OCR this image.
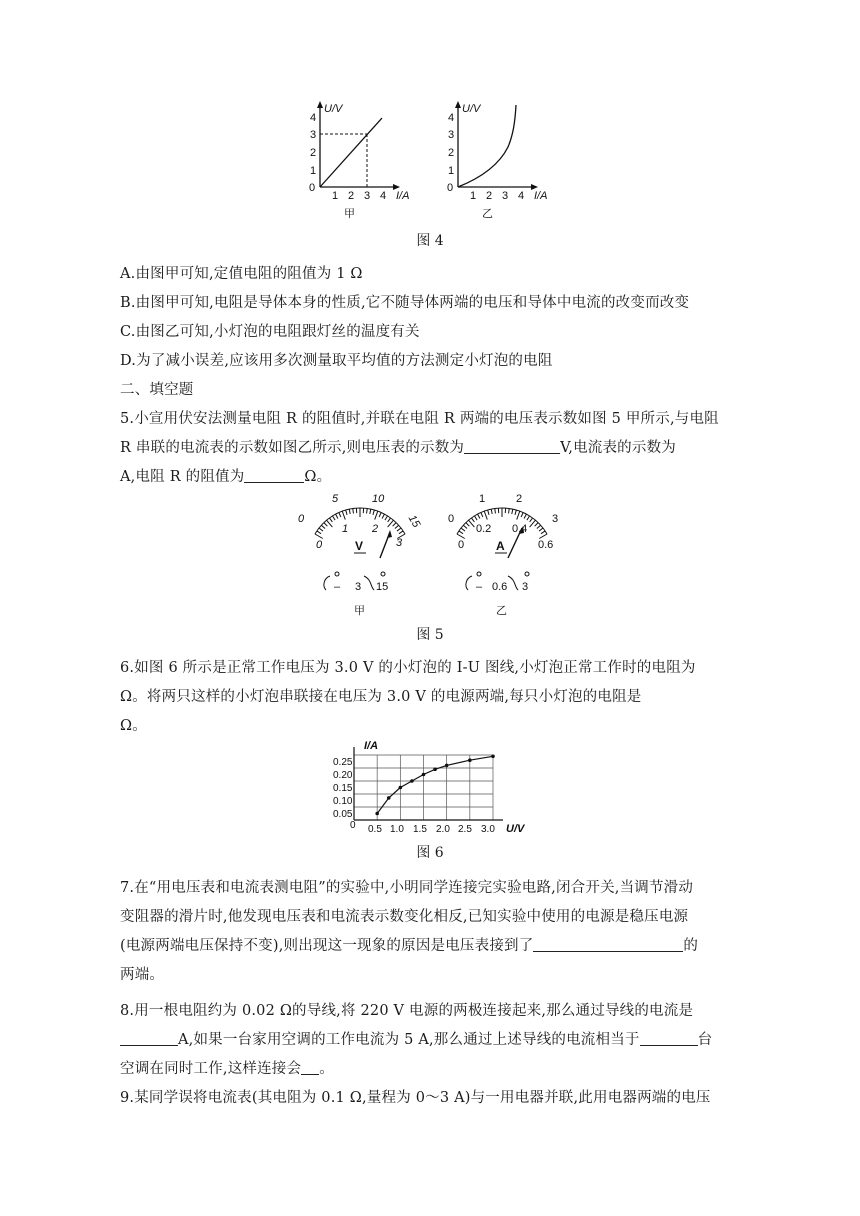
U/V
I/A
0
1
2
3
4
1 2 3 4
甲
U/V
I/A
0
1
2
3
4
1 2 3 4
乙
图 4
A.由图甲可知,定值电阻的阻值为 1 Ω
B.由图甲可知,电阻是导体本身的性质,它不随导体两端的电压和导体中电流的改变而改变
C.由图乙可知,小灯泡的电阻跟灯丝的温度有关
D.为了减小误差,应该用多次测量取平均值的方法测定小灯泡的电阻
二、填空题
5.小宣用伏安法测量电阻 R 的阻值时,并联在电阻 R 两端的电压表示数如图 5 甲所示,与电阻
R 串联的电流表的示数如图乙所示,则电压表的示数为	V,电流表的示数为
A,电阻 R 的阻值为	Ω。
5	10
0	15
0
1 2
3
V
– 3 15
甲
1	2
0	3
0
0.2 0.4
0.6
A
– 0.6 3
乙
图 5
6.如图 6 所示是正常工作电压为 3.0 V 的小灯泡的 I-U 图线,小灯泡正常工作时的电阻为
Ω。将两只这样的小灯泡串联接在电压为 3.0 V 的电源两端,每只小灯泡的电阻是
Ω。
I/A
U/V
0.25
0.20
0.15
0.10
0.05
0 0.5 1.0 1.5 2.0 2.5 3.0
图 6
7.在“用电压表和电流表测电阻”的实验中,小明同学连接完实验电路,闭合开关,当调节滑动
变阻器的滑片时,他发现电压表和电流表示数变化相反,已知实验中使用的电源是稳压电源
(电源两端电压保持不变),则出现这一现象的原因是电压表接到了	的
两端。
8.用一根电阻约为 0.02 Ω的导线,将 220 V 电源的两极连接起来,那么通过导线的电流是
A,如果一台家用空调的工作电流为 5 A,那么通过上述导线的电流相当于	台
空调在同时工作,这样连接会 。
9.某同学误将电流表(其电阻为 0.1 Ω,量程为 0～3 A)与一用电器并联,此用电器两端的电压
